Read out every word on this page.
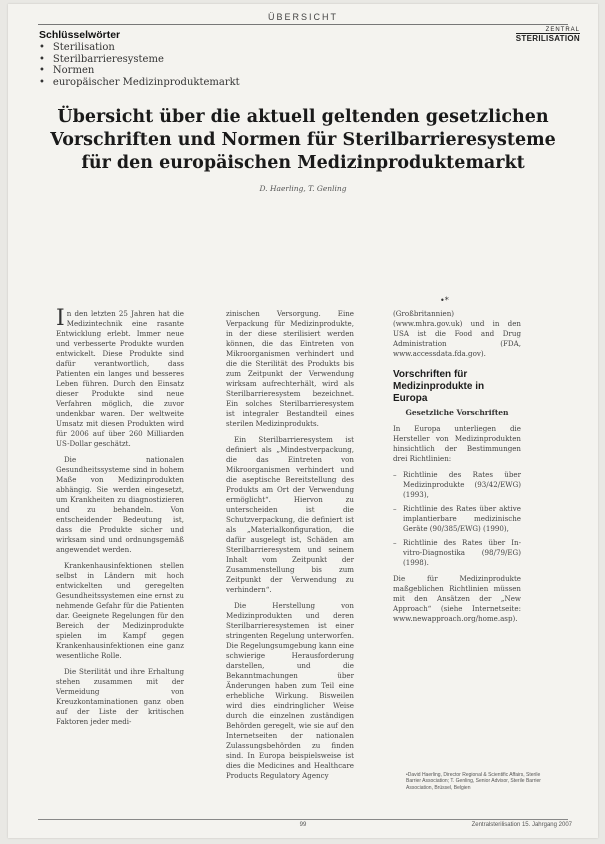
ÜBERSICHT
ZENTRAL
STERILISATION
Schlüsselwörter
• Sterilisation
• Sterilbarrieresysteme
• Normen
• europäischer Medizinproduktemarkt
Übersicht über die aktuell geltenden gesetzlichen
Vorschriften und Normen für Sterilbarrieresysteme
für den europäischen Medizinproduktemarkt
D. Haerling, T. Genling
•*

In den letzten 25 Jahren hat die Medizintechnik eine rasante Entwicklung erlebt. Immer neue und verbesserte Produkte wurden entwickelt. Diese Produkte sind dafür verantwortlich, dass Patienten ein langes und besseres Leben führen. Durch den Einsatz dieser Produkte sind neue Verfahren möglich, die zuvor undenkbar waren. Der weltweite Umsatz mit diesen Produkten wird für 2006 auf über 260 Milliarden US-Dollar geschätzt.

Die nationalen Gesundheitssysteme sind in hohem Maße von Medizinprodukten abhängig. Sie werden eingesetzt, um Krankheiten zu diagnostizieren und zu behandeln. Von entscheidender Bedeutung ist, dass die Produkte sicher und wirksam sind und ordnungsgemäß angewendet werden.

Krankenhausinfektionen stellen selbst in Ländern mit hoch entwickelten und geregelten Gesundheitssystemen eine ernst zu nehmende Gefahr für die Patienten dar. Geeignete Regelungen für den Bereich der Medizinprodukte spielen im Kampf gegen Krankenhausinfektionen eine ganz wesentliche Rolle.

Die Sterilität und ihre Erhaltung stehen zusammen mit der Vermeidung von Kreuzkontaminationen ganz oben auf der Liste der kritischen Faktoren jeder medi-

zinischen Versorgung. Eine Verpackung für Medizinprodukte, in der diese sterilisiert werden können, die das Eintreten von Mikroorganismen verhindert und die die Sterilität des Produkts bis zum Zeitpunkt der Verwendung wirksam aufrechterhält, wird als Sterilbarrieresystem bezeichnet. Ein solches Sterilbarrieresystem ist integraler Bestandteil eines sterilen Medizinprodukts.

Ein Sterilbarrieresystem ist definiert als „Mindestverpackung, die das Eintreten von Mikroorganismen verhindert und die aseptische Bereitstellung des Produkts am Ort der Verwendung ermöglicht“. Hiervon zu unterscheiden ist die Schutzverpackung, die definiert ist als „Materialkonfiguration, die dafür ausgelegt ist, Schäden am Sterilbarrieresystem und seinem Inhalt vom Zeitpunkt der Zusammenstellung bis zum Zeitpunkt der Verwendung zu verhindern“.

Die Herstellung von Medizinprodukten und deren Sterilbarrieresystemen ist einer stringenten Regelung unterworfen. Die Regelungsumgebung kann eine schwierige Herausforderung darstellen, und die Bekanntmachungen über Änderungen haben zum Teil eine erhebliche Wirkung. Bisweilen wird dies eindringlicher Weise durch die einzelnen zuständigen Behörden geregelt, wie sie auf den Internetseiten der nationalen Zulassungsbehörden zu finden sind. In Europa beispielsweise ist dies die Medicines and Healthcare Products Regulatory Agency

(Großbritannien) (www.mhra.gov.uk) und in den USA ist die Food and Drug Administration (FDA, www.accessdata.fda.gov).

Vorschriften für Medizinprodukte in Europa

Gesetzliche Vorschriften

In Europa unterliegen die Hersteller von Medizinprodukten hinsichtlich der Bestimmungen drei Richtlinien:

– Richtlinie des Rates über Medizinprodukte (93/42/EWG) (1993),
– Richtlinie des Rates über aktive implantierbare medizinische Geräte (90/385/EWG) (1990),
– Richtlinie des Rates über In-vitro-Diagnostika (98/79/EG) (1998).

Die für Medizinprodukte maßgeblichen Richtlinien müssen mit den Ansätzen der „New Approach“ (siehe Internetseite: www.newapproach.org/home.asp).

• David Haerling, Director Regional & Scientific Affairs, Sterile Barrier Association; T. Genling, Senior Advisor, Sterile Barrier Association, Brüssel, Belgien
99	Zentralsterilisation 15. Jahrgang 2007
